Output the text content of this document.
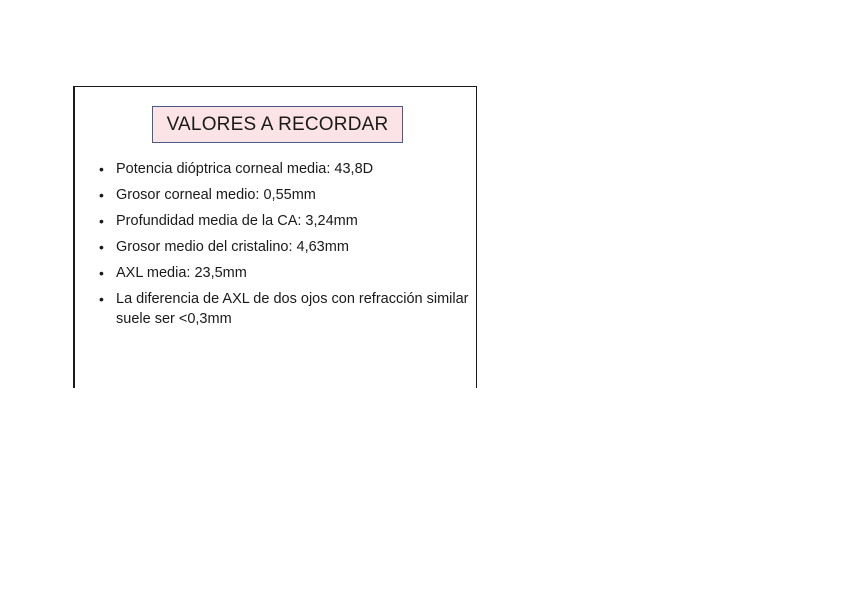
VALORES A RECORDAR
• Potencia dióptrica corneal media: 43,8D
• Grosor corneal medio: 0,55mm
• Profundidad media de la CA: 3,24mm
• Grosor medio del cristalino: 4,63mm
• AXL media: 23,5mm
• La diferencia de AXL de dos ojos con refracción similar suele ser <0,3mm
